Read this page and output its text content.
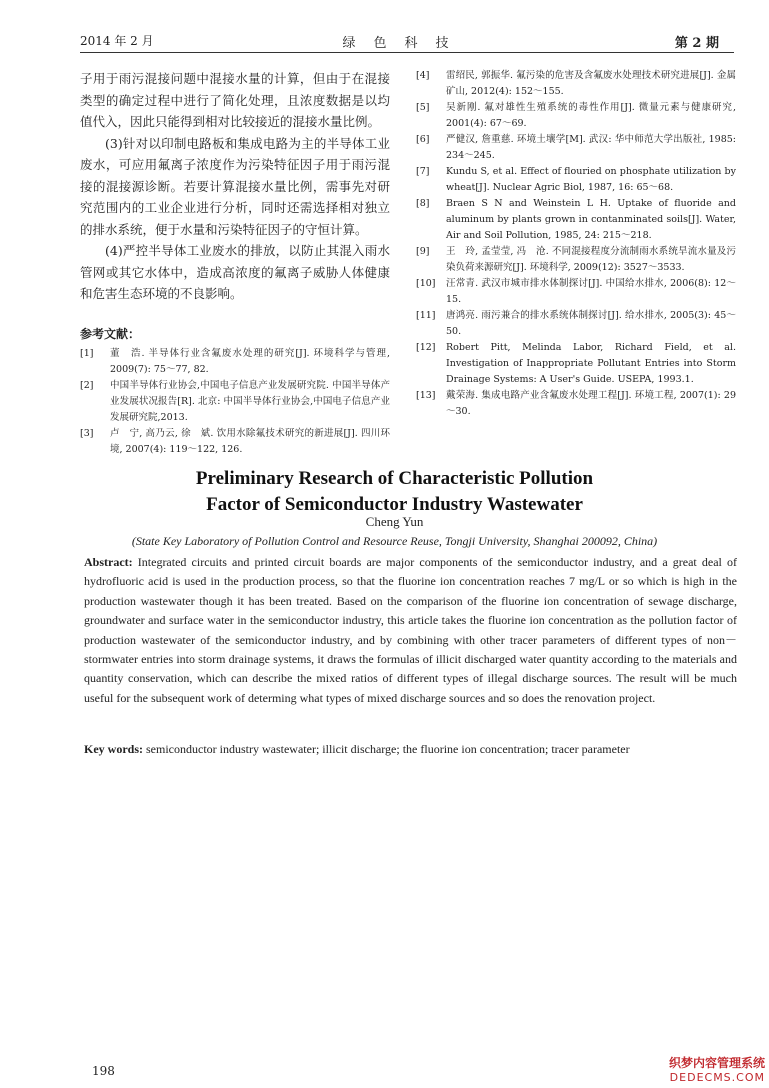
2014 年 2 月	绿色科技	第 2 期

子用于雨污混接问题中混接水量的计算，但由于在混接类型的确定过程中进行了简化处理，且浓度数据是以均值代入，因此只能得到相对比较接近的混接水量比例。

(3)针对以印制电路板和集成电路为主的半导体工业废水，可应用氟离子浓度作为污染特征因子用于雨污混接的混接源诊断。若要计算混接水量比例，需事先对研究范围内的工业企业进行分析，同时还需选择相对独立的排水系统，便于水量和污染特征因子的守恒计算。

(4)严控半导体工业废水的排放，以防止其混入雨水管网或其它水体中，造成高浓度的氟离子威胁人体健康和危害生态环境的不良影响。

参考文献：

[1] 董　浩. 半导体行业含氟废水处理的研究[J]. 环境科学与管理, 2009(7): 75～77, 82.

[2] 中国半导体行业协会,中国电子信息产业发展研究院. 中国半导体产业发展状况报告[R]. 北京: 中国半导体行业协会,中国电子信息产业发展研究院,2013.

[3] 卢　宁, 高乃云, 徐　斌. 饮用水除氟技术研究的新进展[J]. 四川环境, 2007(4): 119～122, 126.

[4] 雷绍民, 郭振华. 氟污染的危害及含氟废水处理技术研究进展[J]. 金属矿山, 2012(4): 152～155.

[5] 吴新刚. 氟对雄性生殖系统的毒性作用[J]. 微量元素与健康研究, 2001(4): 67～69.

[6] 严健汉, 詹重慈. 环境土壤学[M]. 武汉: 华中师范大学出版社, 1985: 234～245.

[7] Kundu S, et al. Effect of flouried on phosphate utilization by wheat[J]. Nuclear Agric Biol, 1987, 16: 65～68.

[8] Braen S N and Weinstein L H. Uptake of fluoride and aluminum by plants grown in contanminated soils[J]. Water, Air and Soil Pollution, 1985, 24: 215～218.

[9] 王　玲, 孟莹莹, 冯　沧. 不同混接程度分流制雨水系统旱流水量及污染负荷来源研究[J]. 环境科学, 2009(12): 3527～3533.

[10] 汪常青. 武汉市城市排水体制探讨[J]. 中国给水排水, 2006(8): 12～15.

[11] 唐鸿亮. 雨污兼合的排水系统体制探讨[J]. 给水排水, 2005(3): 45～50.

[12] Robert Pitt, Melinda Labor, Richard Field, et al. Investigation of Inappropriate Pollutant Entries into Storm Drainage Systems: A User's Guide. USEPA, 1993.1.

[13] 戴荣海. 集成电路产业含氟废水处理工程[J]. 环境工程, 2007(1): 29～30.

Preliminary Research of Characteristic Pollution
Factor of Semiconductor Industry Wastewater
Cheng Yun
(State Key Laboratory of Pollution Control and Resource Reuse, Tongji University, Shanghai 200092, China)

Abstract: Integrated circuits and printed circuit boards are major components of the semiconductor industry, and a great deal of hydrofluoric acid is used in the production process, so that the fluorine ion concentration reaches 7 mg/L or so which is high in the production wastewater though it has been treated. Based on the comparison of the fluorine ion concentration of sewage discharge, groundwater and surface water in the semiconductor industry, this article takes the fluorine ion concentration as the pollution factor of production wastewater of the semiconductor industry, and by combining with other tracer parameters of different types of non－stormwater entries into storm drainage systems, it draws the formulas of illicit discharged water quantity according to the materials and quantity conservation, which can describe the mixed ratios of different types of illegal discharge sources. The result will be much useful for the subsequent work of determing what types of mixed discharge sources and so does the renovation project.

Key words: semiconductor industry wastewater; illicit discharge; the fluorine ion concentration; tracer parameter

198
织梦内容管理系统
DEDECMS.COM
